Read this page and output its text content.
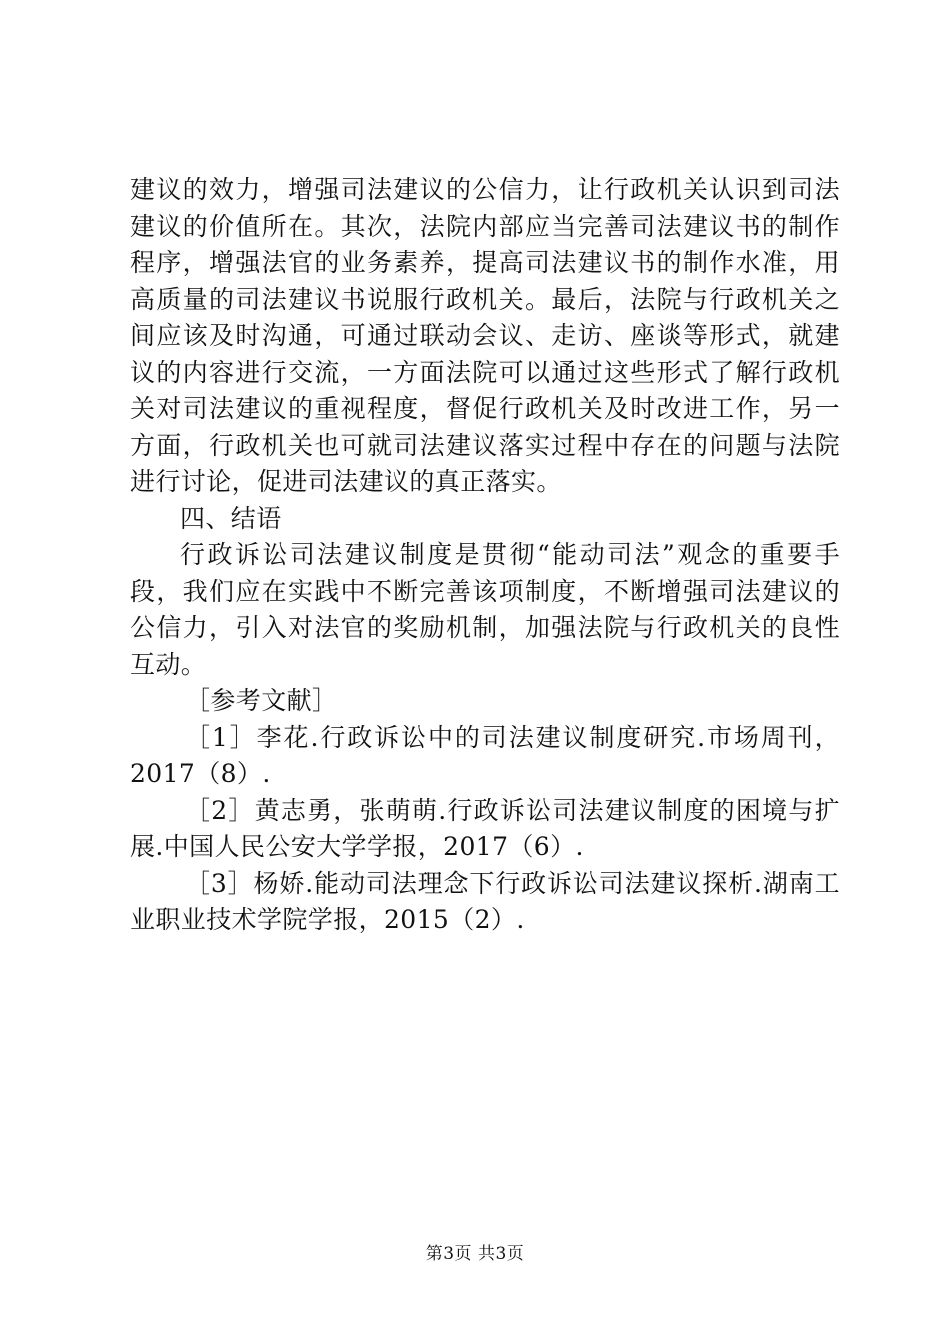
建议的效力，增强司法建议的公信力，让行政机关认识到司法建议的价值所在。其次，法院内部应当完善司法建议书的制作程序，增强法官的业务素养，提高司法建议书的制作水准，用高质量的司法建议书说服行政机关。最后，法院与行政机关之间应该及时沟通，可通过联动会议、走访、座谈等形式，就建议的内容进行交流，一方面法院可以通过这些形式了解行政机关对司法建议的重视程度，督促行政机关及时改进工作，另一方面，行政机关也可就司法建议落实过程中存在的问题与法院进行讨论，促进司法建议的真正落实。

四、结语

行政诉讼司法建议制度是贯彻“能动司法”观念的重要手段，我们应在实践中不断完善该项制度，不断增强司法建议的公信力，引入对法官的奖励机制，加强法院与行政机关的良性互动。

［参考文献］

［1］李花.行政诉讼中的司法建议制度研究.市场周刊，2017（8）.

［2］黄志勇，张萌萌.行政诉讼司法建议制度的困境与扩展.中国人民公安大学学报，2017（6）.

［3］杨娇.能动司法理念下行政诉讼司法建议探析.湖南工业职业技术学院学报，2015（2）.

第3页 共3页
